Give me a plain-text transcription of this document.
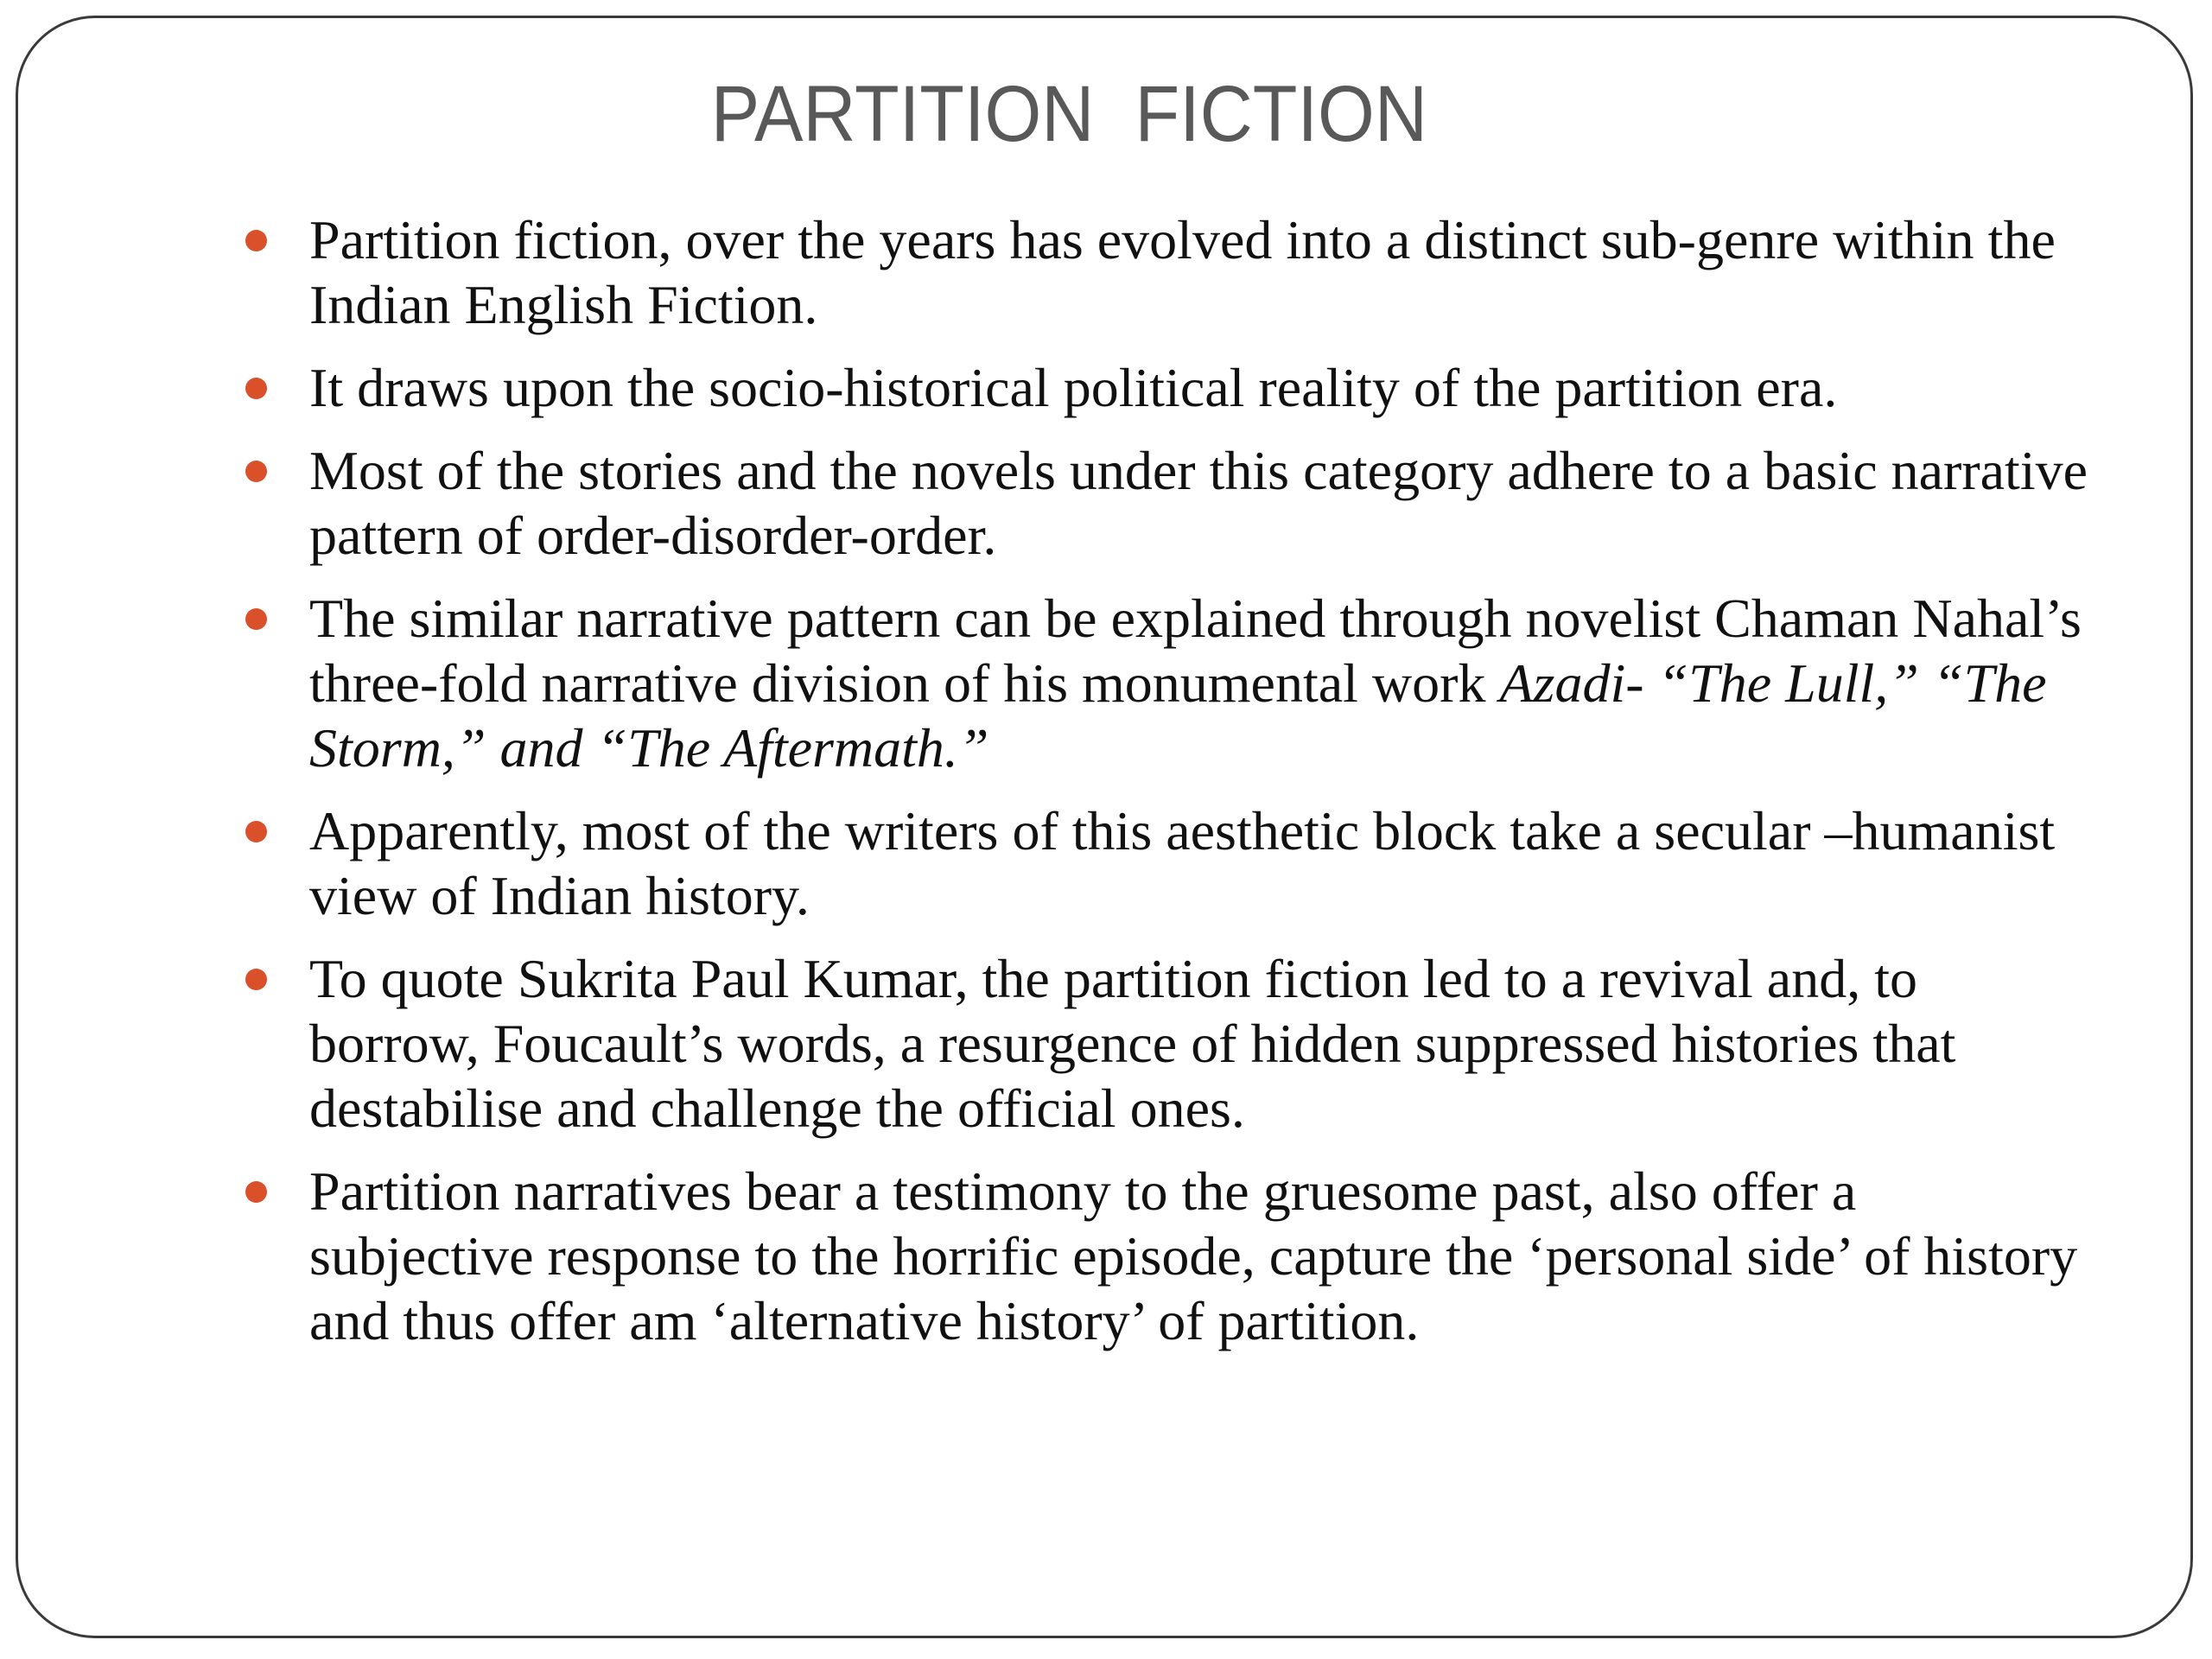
PARTITION  FICTION
Partition fiction, over the years has evolved into a distinct sub-genre within the Indian English Fiction.
It draws upon the socio-historical political reality of the partition era.
Most of the stories and the novels under this category adhere to a basic narrative pattern of order-disorder-order.
The similar narrative pattern can be explained through novelist Chaman Nahal’s three-fold narrative division of his monumental work Azadi- “The Lull,” “The Storm,” and “The Aftermath.”
Apparently, most of the writers of this aesthetic block take a secular –humanist view of Indian history.
To quote Sukrita Paul Kumar, the partition fiction led to a revival and, to borrow, Foucault’s words, a resurgence of hidden suppressed histories that destabilise and challenge the official ones.
Partition narratives bear a testimony to the gruesome past, also offer a subjective response to the horrific episode, capture the ‘personal side’ of history and thus offer am ‘alternative history’ of partition.
